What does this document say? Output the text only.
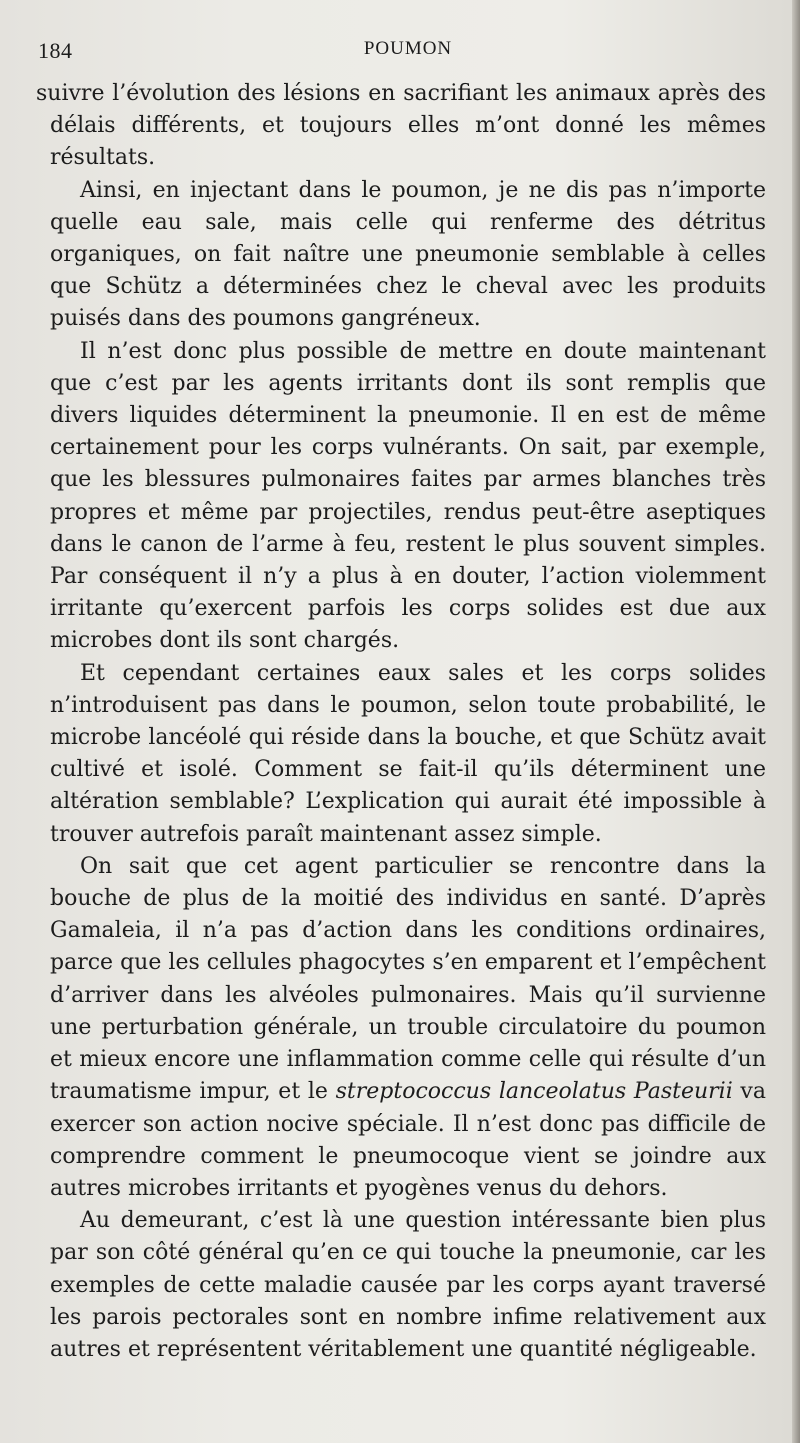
184	POUMON

suivre l’évolution des lésions en sacrifiant les animaux après des délais différents, et toujours elles m’ont donné les mêmes résultats.

Ainsi, en injectant dans le poumon, je ne dis pas n’importe quelle eau sale, mais celle qui renferme des détritus organiques, on fait naître une pneumonie semblable à celles que Schütz a déterminées chez le cheval avec les produits puisés dans des poumons gangréneux.

Il n’est donc plus possible de mettre en doute maintenant que c’est par les agents irritants dont ils sont remplis que divers liquides déterminent la pneumonie. Il en est de même certainement pour les corps vulnérants. On sait, par exemple, que les blessures pulmonaires faites par armes blanches très propres et même par projectiles, rendus peut-être aseptiques dans le canon de l’arme à feu, restent le plus souvent simples. Par conséquent il n’y a plus à en douter, l’action violemment irritante qu’exercent parfois les corps solides est due aux microbes dont ils sont chargés.

Et cependant certaines eaux sales et les corps solides n’introduisent pas dans le poumon, selon toute probabilité, le microbe lancéolé qui réside dans la bouche, et que Schütz avait cultivé et isolé. Comment se fait-il qu’ils déterminent une altération semblable? L’explication qui aurait été impossible à trouver autrefois paraît maintenant assez simple.

On sait que cet agent particulier se rencontre dans la bouche de plus de la moitié des individus en santé. D’après Gamaleia, il n’a pas d’action dans les conditions ordinaires, parce que les cellules phagocytes s’en emparent et l’empêchent d’arriver dans les alvéoles pulmonaires. Mais qu’il survienne une perturbation générale, un trouble circulatoire du poumon et mieux encore une inflammation comme celle qui résulte d’un traumatisme impur, et le streptococcus lanceolatus Pasteurii va exercer son action nocive spéciale. Il n’est donc pas difficile de comprendre comment le pneumocoque vient se joindre aux autres microbes irritants et pyogènes venus du dehors.

Au demeurant, c’est là une question intéressante bien plus par son côté général qu’en ce qui touche la pneumonie, car les exemples de cette maladie causée par les corps ayant traversé les parois pectorales sont en nombre infime relativement aux autres et représentent véritablement une quantité négligeable.
